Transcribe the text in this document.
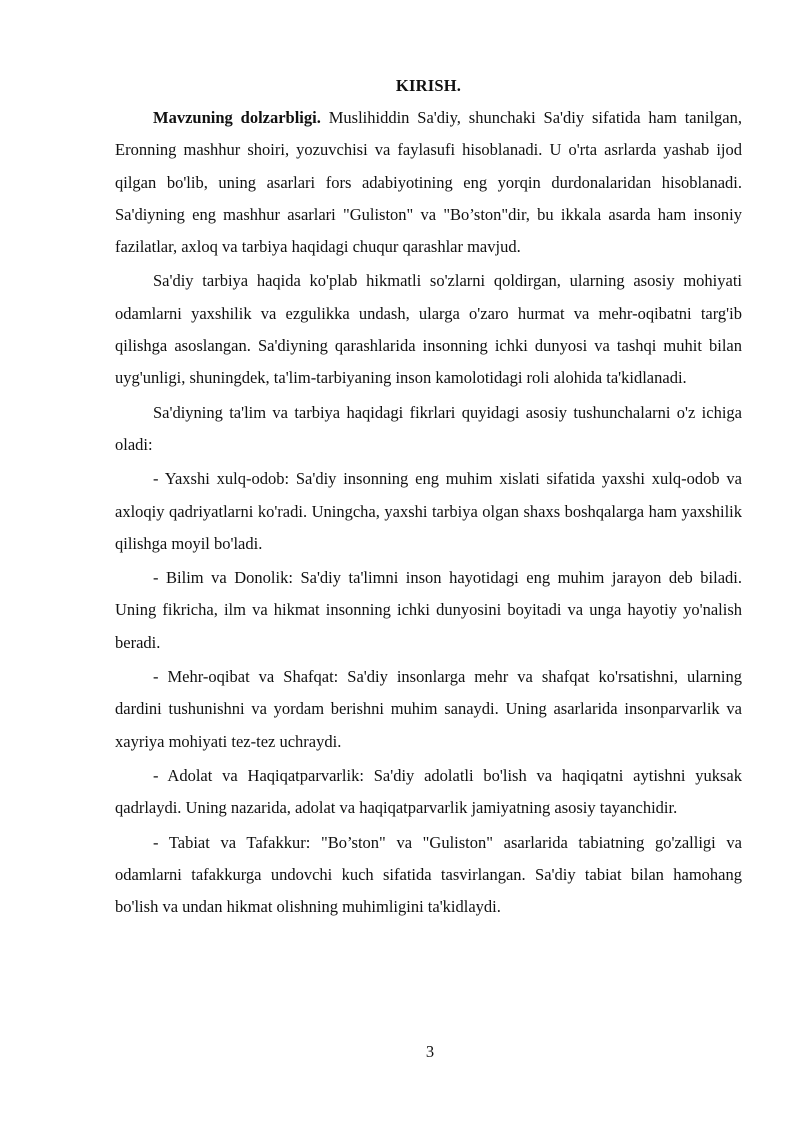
KIRISH.

Mavzuning dolzarbligi. Muslihiddin Sa'diy, shunchaki Sa'diy sifatida ham tanilgan, Eronning mashhur shoiri, yozuvchisi va faylasufi hisoblanadi. U o'rta asrlarda yashab ijod qilgan bo'lib, uning asarlari fors adabiyotining eng yorqin durdonalaridan hisoblanadi. Sa'diyning eng mashhur asarlari "Guliston" va "Bo’ston"dir, bu ikkala asarda ham insoniy fazilatlar, axloq va tarbiya haqidagi chuqur qarashlar mavjud.

Sa'diy tarbiya haqida ko'plab hikmatli so'zlarni qoldirgan, ularning asosiy mohiyati odamlarni yaxshilik va ezgulikka undash, ularga o'zaro hurmat va mehr-oqibatni targ'ib qilishga asoslangan. Sa'diyning qarashlarida insonning ichki dunyosi va tashqi muhit bilan uyg'unligi, shuningdek, ta'lim-tarbiyaning inson kamolotidagi roli alohida ta'kidlanadi.

Sa'diyning ta'lim va tarbiya haqidagi fikrlari quyidagi asosiy tushunchalarni o'z ichiga oladi:

- Yaxshi xulq-odob: Sa'diy insonning eng muhim xislati sifatida yaxshi xulq-odob va axloqiy qadriyatlarni ko'radi. Uningcha, yaxshi tarbiya olgan shaxs boshqalarga ham yaxshilik qilishga moyil bo'ladi.

- Bilim va Donolik: Sa'diy ta'limni inson hayotidagi eng muhim jarayon deb biladi. Uning fikricha, ilm va hikmat insonning ichki dunyosini boyitadi va unga hayotiy yo'nalish beradi.

- Mehr-oqibat va Shafqat: Sa'diy insonlarga mehr va shafqat ko'rsatishni, ularning dardini tushunishni va yordam berishni muhim sanaydi. Uning asarlarida insonparvarlik va xayriya mohiyati tez-tez uchraydi.

- Adolat va Haqiqatparvarlik: Sa'diy adolatli bo'lish va haqiqatni aytishni yuksak qadrlaydi. Uning nazarida, adolat va haqiqatparvarlik jamiyatning asosiy tayanchidir.

- Tabiat va Tafakkur: "Bo’ston" va "Guliston" asarlarida tabiatning go'zalligi va odamlarni tafakkurga undovchi kuch sifatida tasvirlangan. Sa'diy tabiat bilan hamohang bo'lish va undan hikmat olishning muhimligini ta'kidlaydi.

3
